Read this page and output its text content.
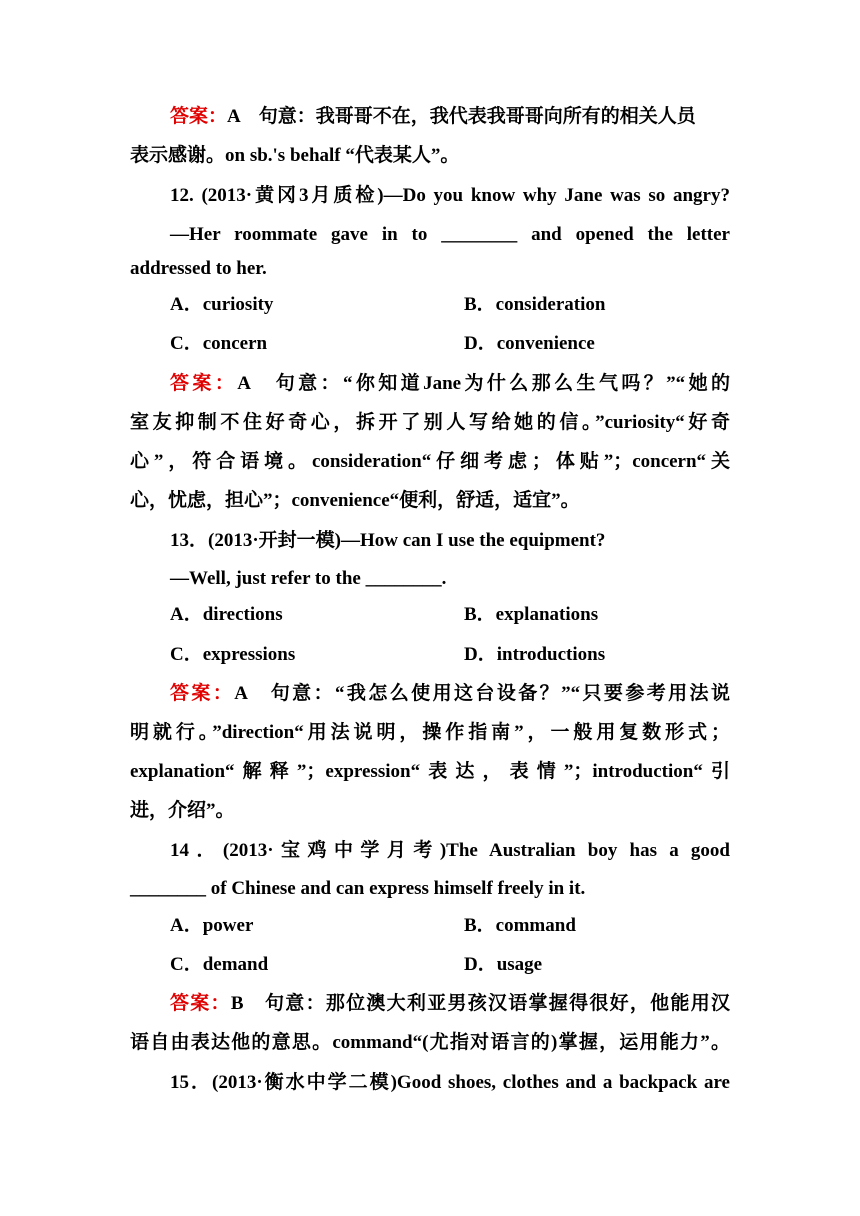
答案：A　句意：我哥哥不在，我代表我哥哥向所有的相关人员
表示感谢。on sb.'s behalf “代表某人”。
12. (2013·黄冈3月质检)—Do you know why Jane was so angry?
—Her roommate gave in to ________ and opened the letter
addressed to her.
A．curiosity	B．consideration
C．concern	D．convenience
答案：A　句意：“你知道Jane为什么那么生气吗？”“她的
室友抑制不住好奇心，拆开了别人写给她的信。”curiosity“好奇
心”，符合语境。consideration“仔细考虑；体贴”；concern“关
心，忧虑，担心”；convenience“便利，舒适，适宜”。
13．(2013·开封一模)—How can I use the equipment?
—Well, just refer to the ________.
A．directions	B．explanations
C．expressions	D．introductions
答案：A　句意：“我怎么使用这台设备？”“只要参考用法说
明就行。”direction“用法说明，操作指南”，一般用复数形式；
explanation“解释”；expression“表达，表情”；introduction“引
进，介绍”。
14．(2013·宝鸡中学月考)The Australian boy has a good
________ of Chinese and can express himself freely in it.
A．power	B．command
C．demand	D．usage
答案：B　句意：那位澳大利亚男孩汉语掌握得很好，他能用汉
语自由表达他的意思。command“(尤指对语言的)掌握，运用能力”。
15．(2013·衡水中学二模)Good shoes, clothes and a backpack are
